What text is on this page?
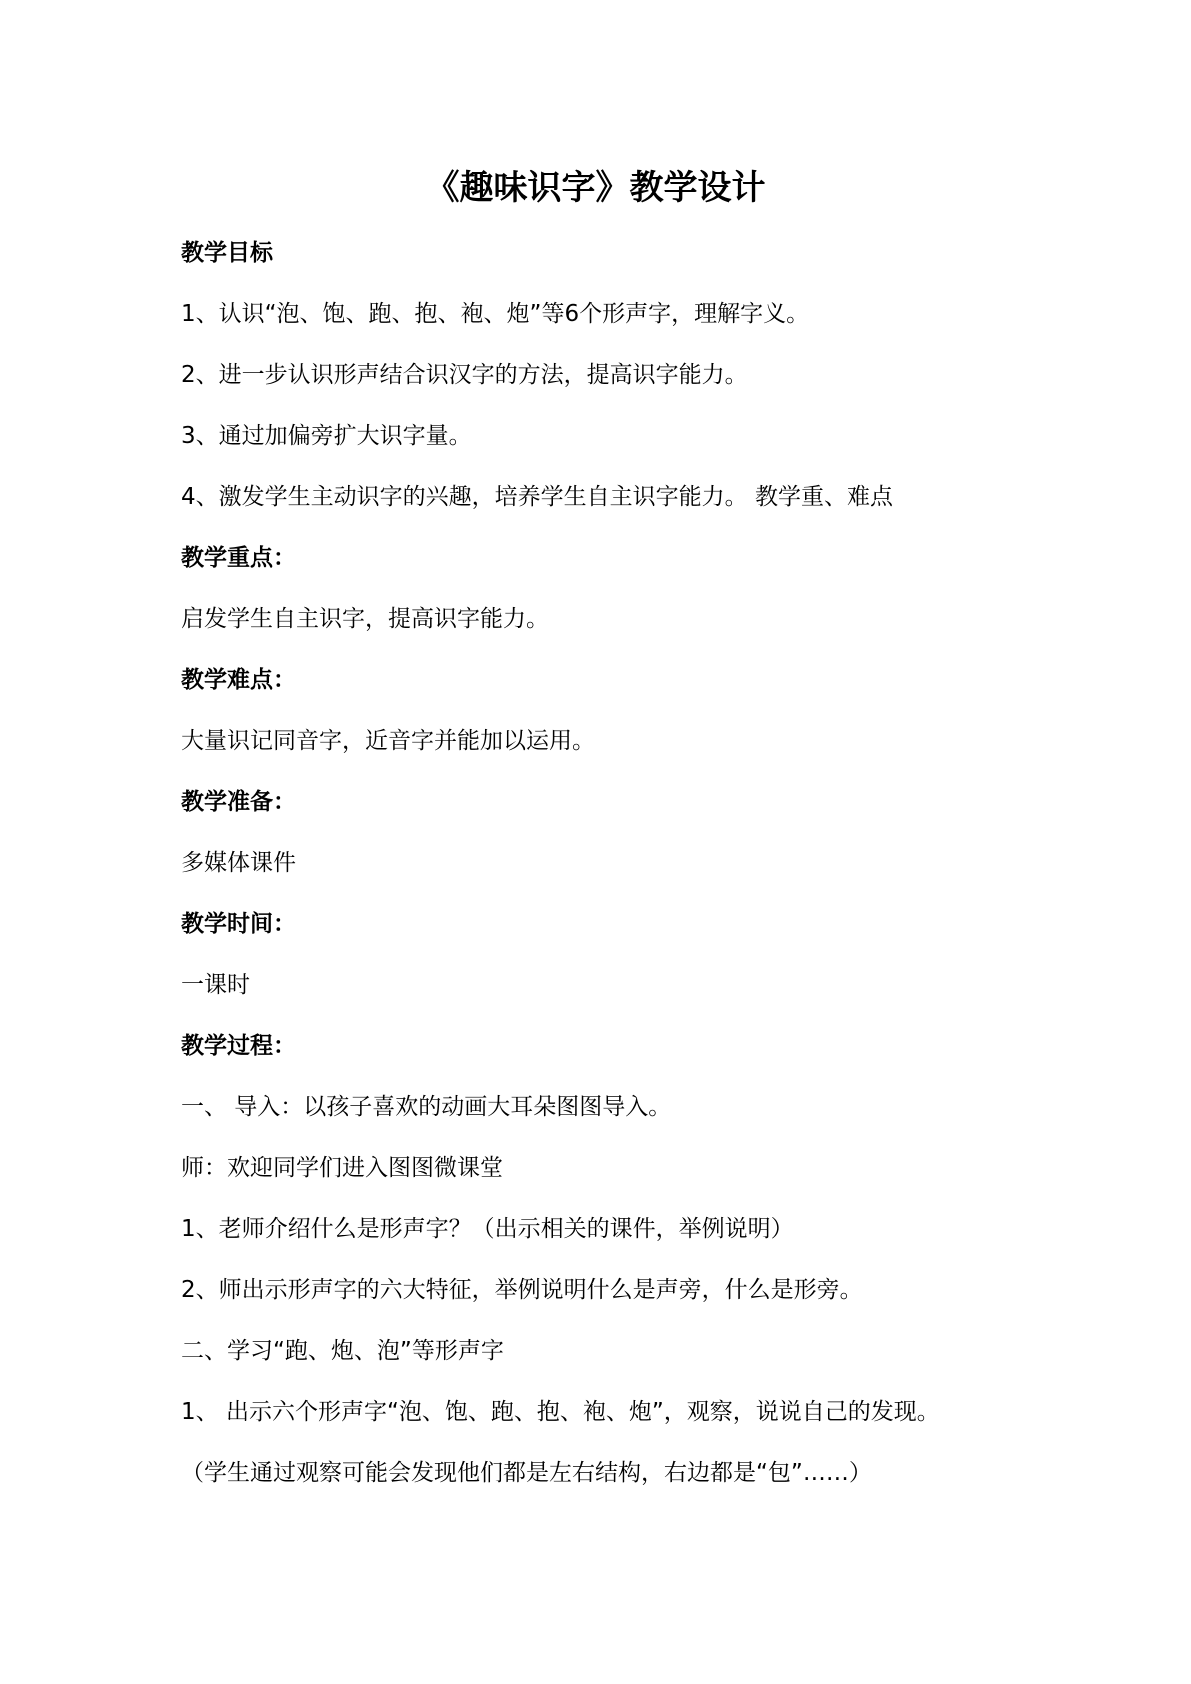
《趣味识字》教学设计

教学目标

1、认识“泡、饱、跑、抱、袍、炮”等6个形声字，理解字义。

2、进一步认识形声结合识汉字的方法，提高识字能力。

3、通过加偏旁扩大识字量。

4、激发学生主动识字的兴趣，培养学生自主识字能力。 教学重、难点

教学重点：

启发学生自主识字，提高识字能力。

教学难点：

大量识记同音字，近音字并能加以运用。

教学准备：

多媒体课件

教学时间：

一课时

教学过程：

一、 导入：以孩子喜欢的动画大耳朵图图导入。

师：欢迎同学们进入图图微课堂

1、老师介绍什么是形声字？（出示相关的课件，举例说明）

2、师出示形声字的六大特征，举例说明什么是声旁，什么是形旁。

二、学习“跑、炮、泡”等形声字

1、 出示六个形声字“泡、饱、跑、抱、袍、炮”，观察，说说自己的发现。

（学生通过观察可能会发现他们都是左右结构，右边都是“包”……）
